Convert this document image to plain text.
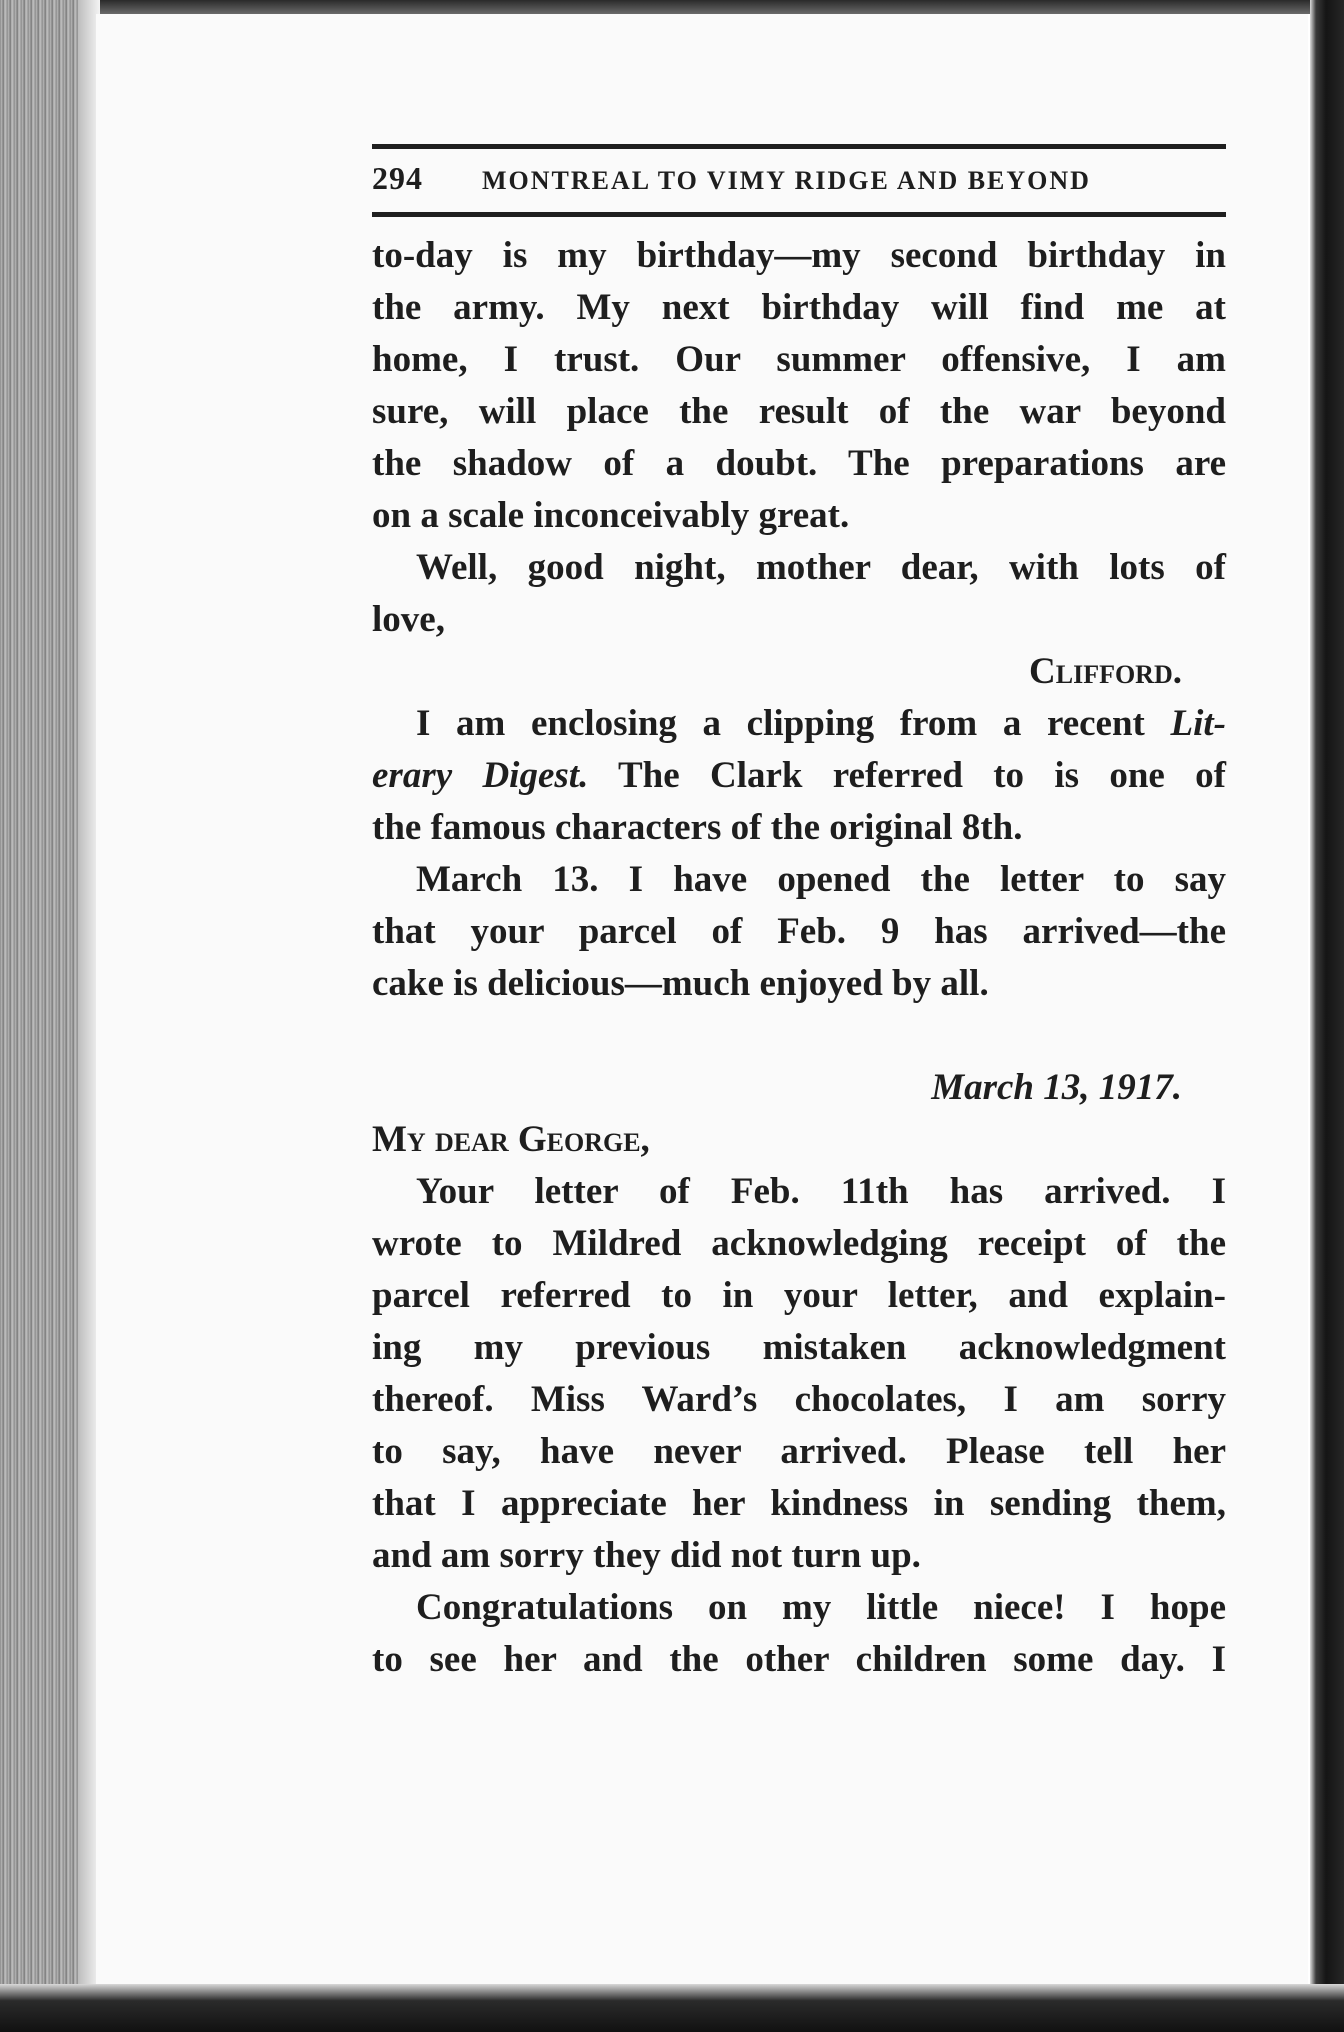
294 MONTREAL TO VIMY RIDGE AND BEYOND
to-day is my birthday—my second birthday in
the army. My next birthday will find me at
home, I trust. Our summer offensive, I am
sure, will place the result of the war beyond
the shadow of a doubt. The preparations are
on a scale inconceivably great.
Well, good night, mother dear, with lots of
love,
Clifford.
I am enclosing a clipping from a recent Lit-
erary Digest. The Clark referred to is one of
the famous characters of the original 8th.
March 13. I have opened the letter to say
that your parcel of Feb. 9 has arrived—the
cake is delicious—much enjoyed by all.
March 13, 1917.
My dear George,
Your letter of Feb. 11th has arrived. I
wrote to Mildred acknowledging receipt of the
parcel referred to in your letter, and explain-
ing my previous mistaken acknowledgment
thereof. Miss Ward’s chocolates, I am sorry
to say, have never arrived. Please tell her
that I appreciate her kindness in sending them,
and am sorry they did not turn up.
Congratulations on my little niece! I hope
to see her and the other children some day. I
